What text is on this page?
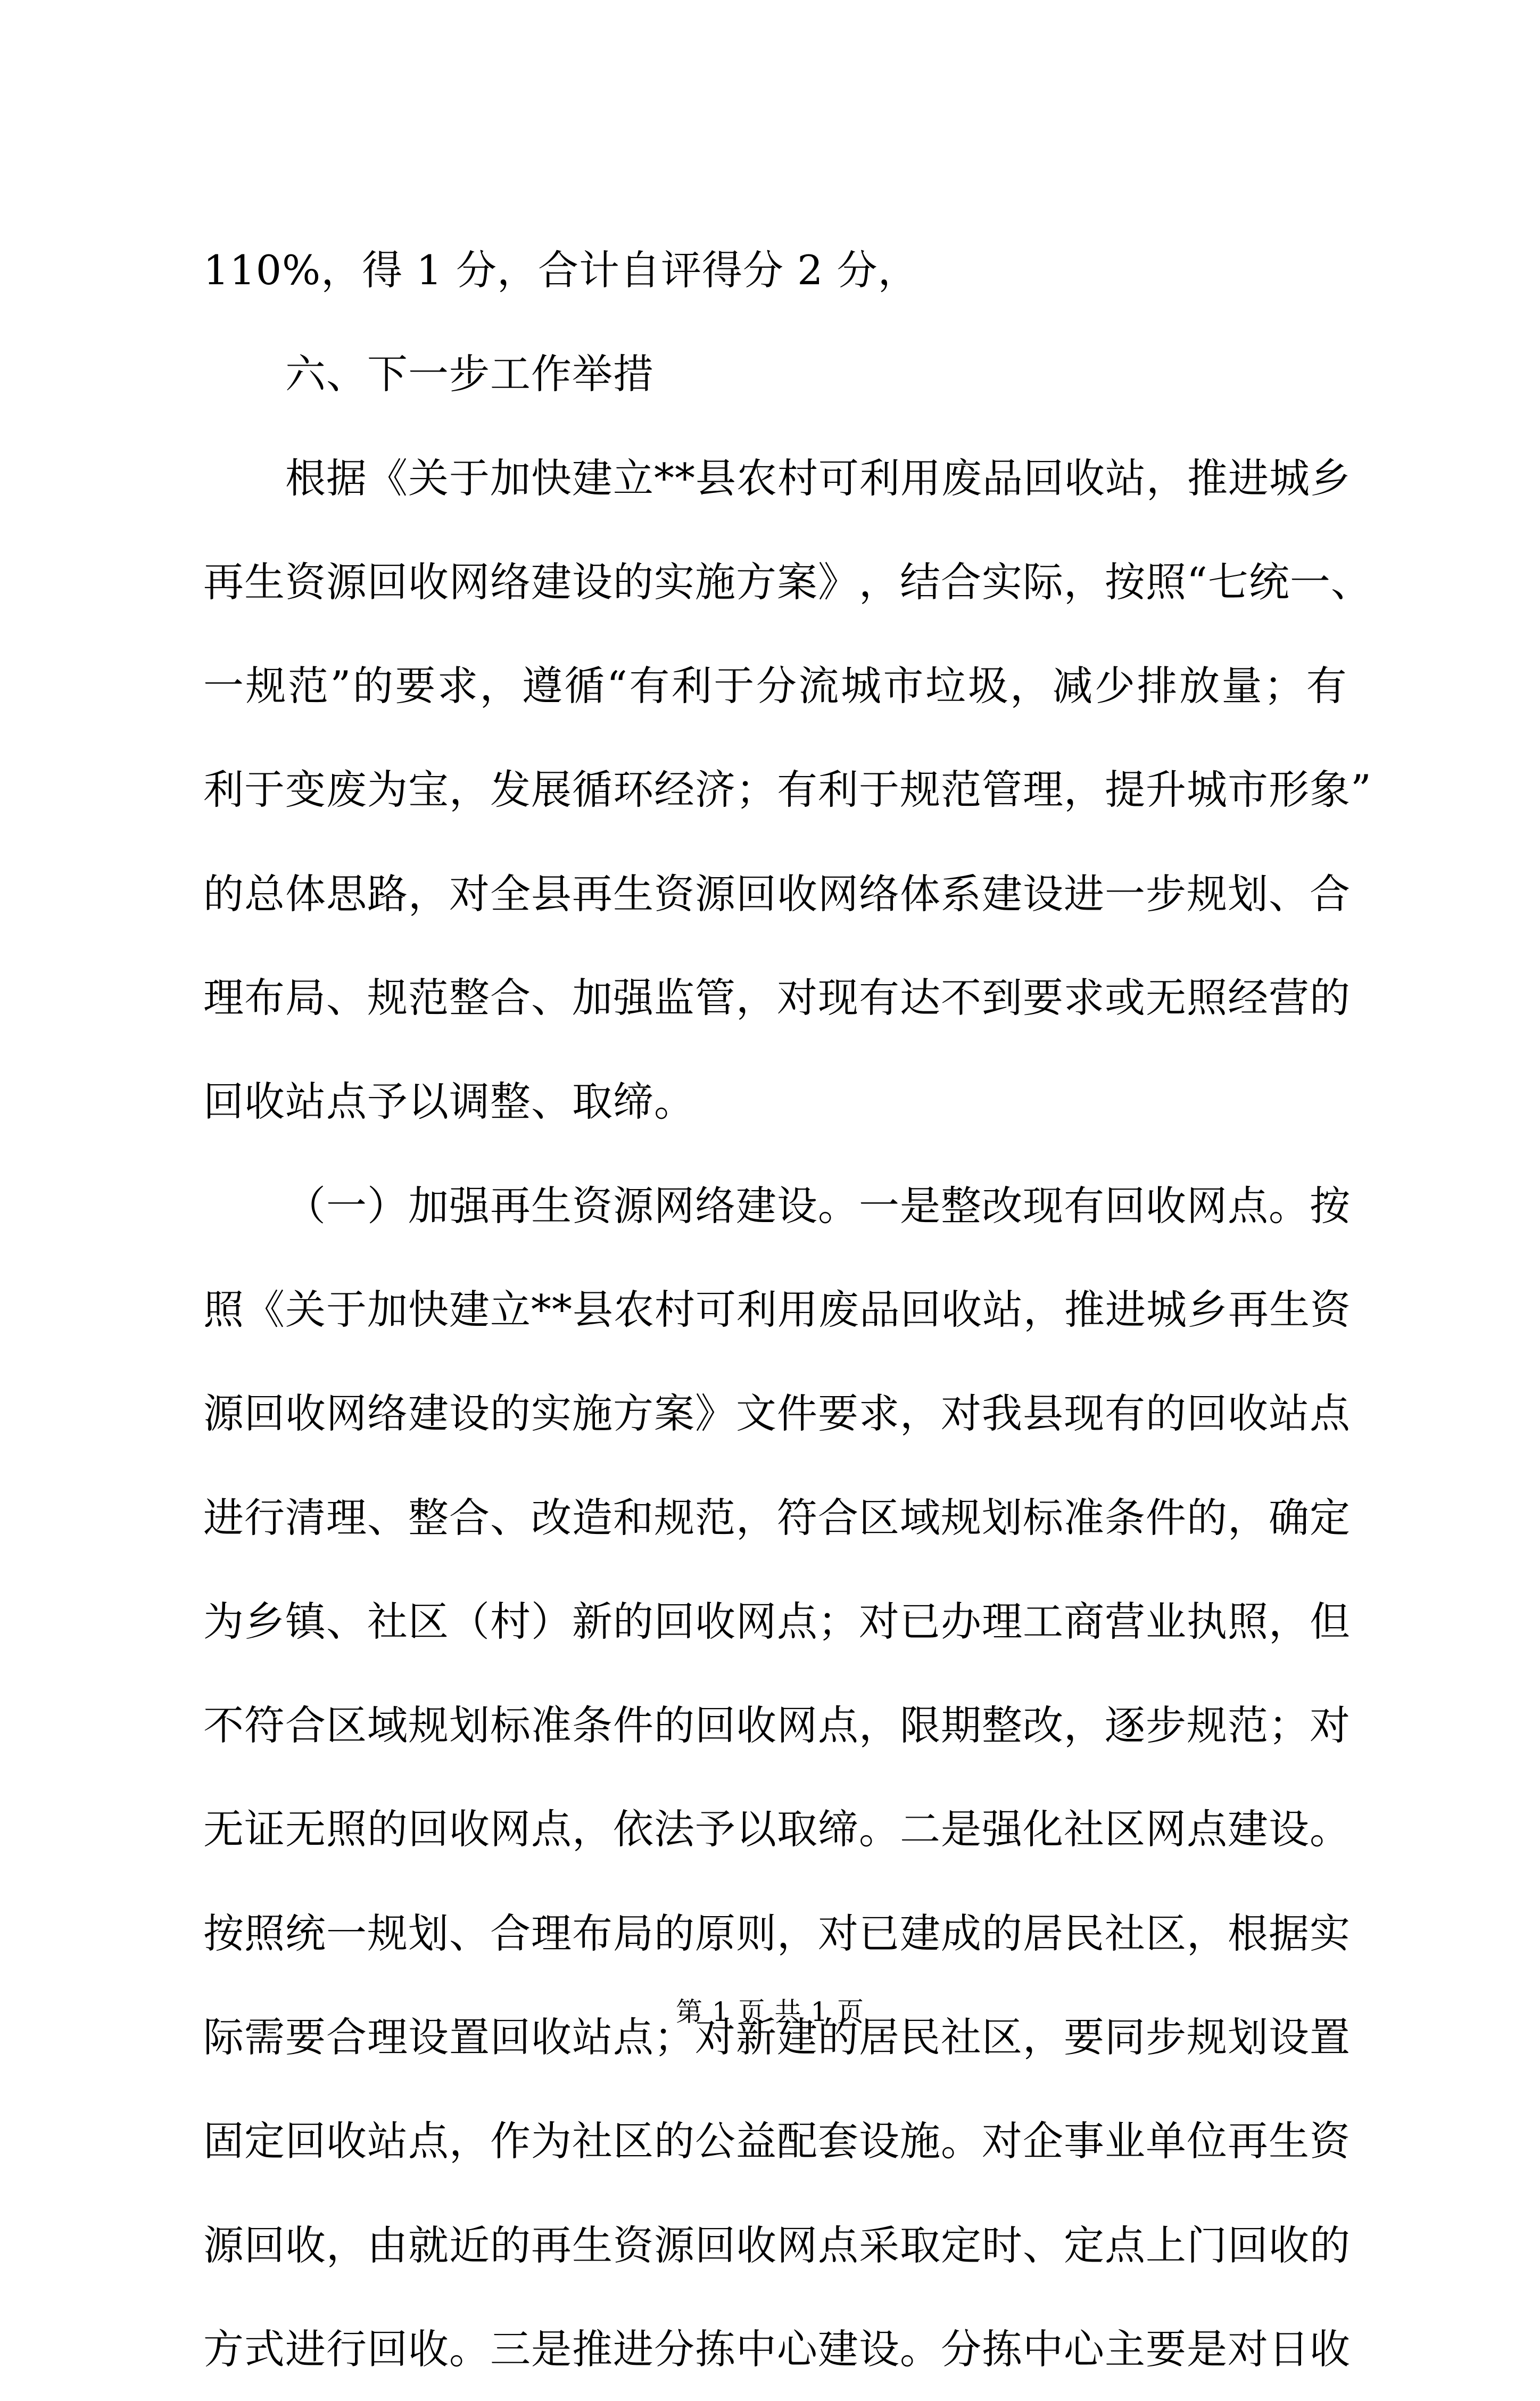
110%，得 1 分，合计自评得分 2 分，
　　六、下一步工作举措

根 据 《 关 于 加 快 建 立 * * 县 农 村 可 利 用 废 品 回 收 站 ， 推 进 城 乡
再 生 资 源 回 收 网 络 建 设 的 实 施 方 案 》 ， 结 合 实 际 ， 按 照 “ 七 统 一 、
一 规 范 ” 的 要 求 ， 遵 循 “ 有 利 于 分 流 城 市 垃 圾 ， 减 少 排 放 量 ； 有
利 于 变 废 为 宝 ， 发 展 循 环 经 济 ； 有 利 于 规 范 管 理 ， 提 升 城 市 形 象 ”
的 总 体 思 路 ， 对 全 县 再 生 资 源 回 收 网 络 体 系 建 设 进 一 步 规 划 、 合
理 布 局 、 规 范 整 合 、 加 强 监 管 ， 对 现 有 达 不 到 要 求 或 无 照 经 营 的
回收站点予以调整、取缔。

（ 一 ） 加 强 再 生 资 源 网 络 建 设 。 一 是 整 改 现 有 回 收 网 点 。 按
照 《 关 于 加 快 建 立 * * 县 农 村 可 利 用 废 品 回 收 站 ， 推 进 城 乡 再 生 资
源 回 收 网 络 建 设 的 实 施 方 案 》 文 件 要 求 ， 对 我 县 现 有 的 回 收 站 点
进 行 清 理 、 整 合 、 改 造 和 规 范 ， 符 合 区 域 规 划 标 准 条 件 的 ， 确 定
为 乡 镇 、 社 区 （ 村 ） 新 的 回 收 网 点 ； 对 已 办 理 工 商 营 业 执 照 ， 但
不 符 合 区 域 规 划 标 准 条 件 的 回 收 网 点 ， 限 期 整 改 ， 逐 步 规 范 ； 对
无 证 无 照 的 回 收 网 点 ， 依 法 予 以 取 缔 。 二 是 强 化 社 区 网 点 建 设 。
按 照 统 一 规 划 、 合 理 布 局 的 原 则 ， 对 已 建 成 的 居 民 社 区 ， 根 据 实
际 需 要 合 理 设 置 回 收 站 点 ； 对 新 建 的 居 民 社 区 ， 要 同 步 规 划 设 置
固 定 回 收 站 点 ， 作 为 社 区 的 公 益 配 套 设 施 。 对 企 事 业 单 位 再 生 资
源 回 收 ， 由 就 近 的 再 生 资 源 回 收 网 点 采 取 定 时 、 定 点 上 门 回 收 的
方 式 进 行 回 收 。 三 是 推 进 分 拣 中 心 建 设 。 分 拣 中 心 主 要 是 对 日 收
第 1 页 共 1 页
